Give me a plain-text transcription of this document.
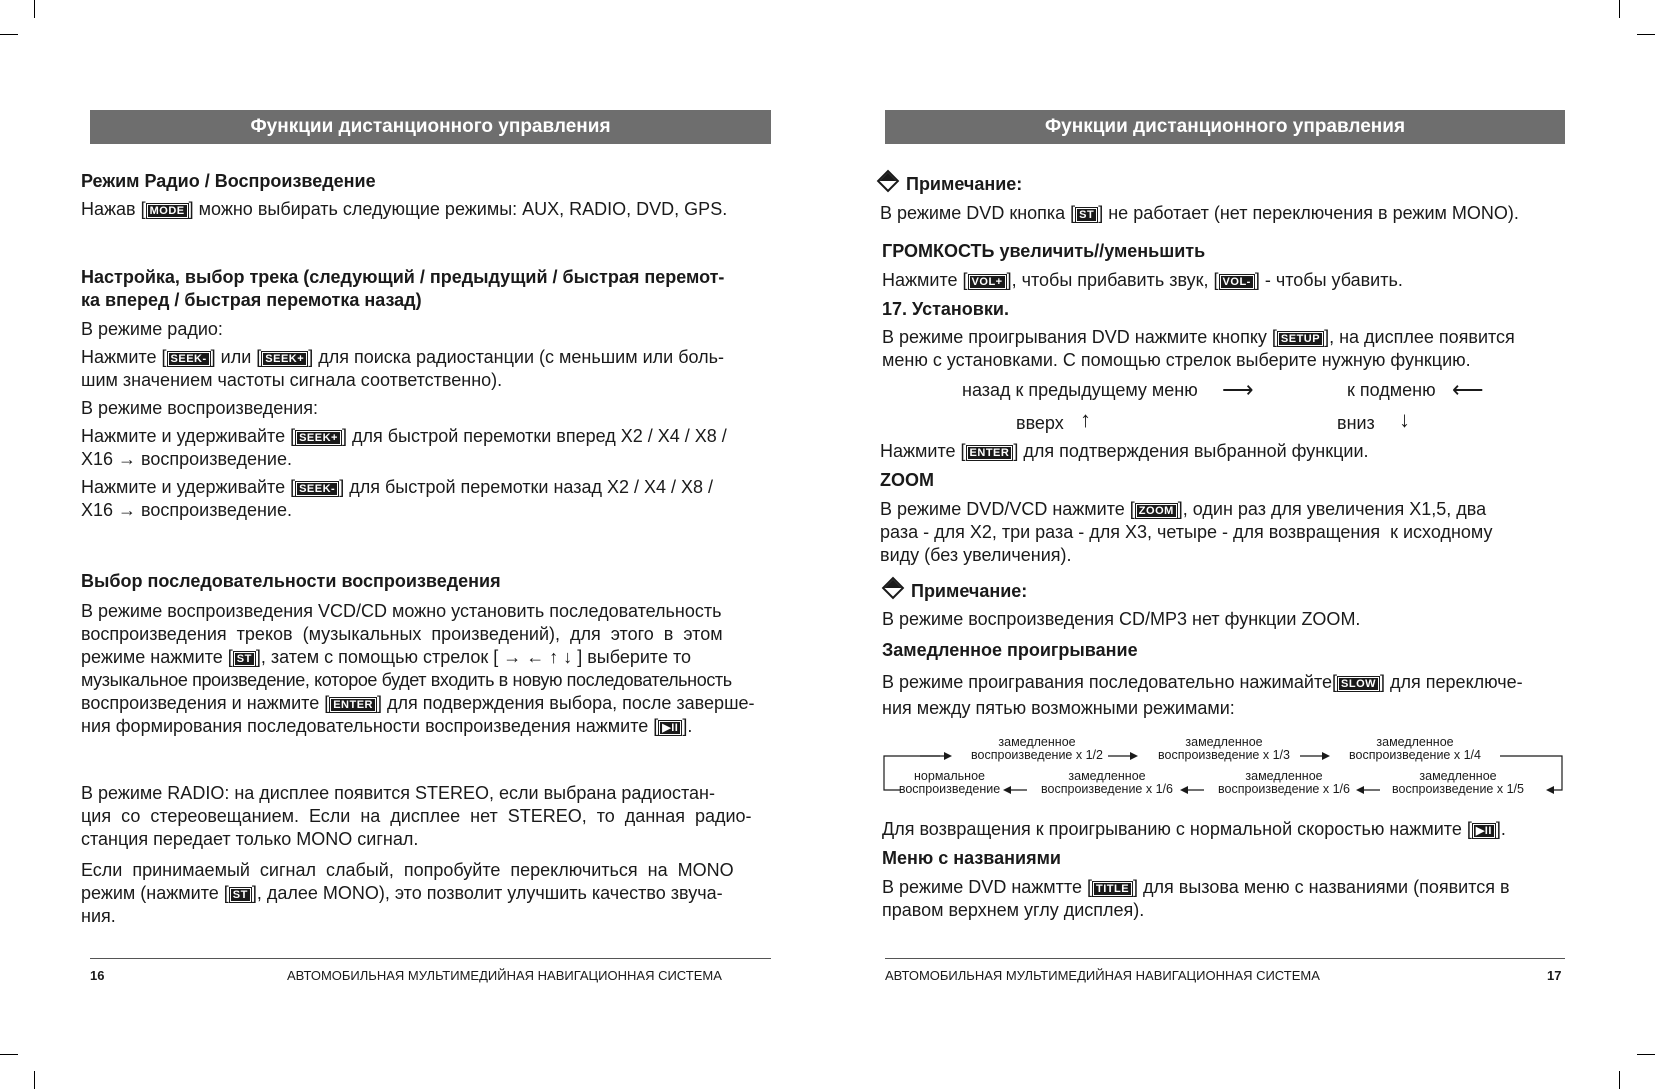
Функции дистанционного управления
Режим Радио / Воспроизведение
Нажав [ MODE ] можно выбирать следующие режимы: AUX, RADIO, DVD, GPS.
Настройка, выбор трека (следующий / предыдущий / быстрая перемот-
ка вперед / быстрая перемотка назад)
В режиме радио:
Нажмите [ SEEK- ] или [ SEEK+ ] для поиска радиостанции (с меньшим или боль-
шим значением частоты сигнала соответственно).
В режиме воспроизведения:
Нажмите и удерживайте [ SEEK+ ] для быстрой перемотки вперед X2 / X4 / X8 /
X16 → воспроизведение.
Нажмите и удерживайте [ SEEK- ] для быстрой перемотки назад X2 / X4 / X8 /
X16 → воспроизведение.
Выбор последовательности воспроизведения
В режиме воспроизведения VCD/CD можно установить последовательность
воспроизведения  треков  (музыкальных  произведений),  для  этого  в  этом
режиме нажмите [ ST ], затем с помощью стрелок [ → ← ↑ ↓ ] выберите то
музыкальное произведение, которое будет входить в новую последовательность
воспроизведения и нажмите [ ENTER ] для подверждения выбора, после заверше-
ния формирования последовательности воспроизведения нажмите [ ▶II ].
В режиме RADIO: на дисплее появится STEREO, если выбрана радиостан-
ция  со  стереовещанием.  Если  на  дисплее  нет  STEREO,  то  данная  радио-
станция передает только MONO сигнал.
Если  принимаемый  сигнал  слабый,  попробуйте  переключиться  на  MONO
режим (нажмите [ ST ], далее MONO), это позволит улучшить качество звуча-
ния.
16	АВТОМОБИЛЬНАЯ МУЛЬТИМЕДИЙНАЯ НАВИГАЦИОННАЯ СИСТЕМА
Функции дистанционного управления
Примечание:
В режиме DVD кнопка [ ST ] не работает (нет переключения в режим MONO).
ГРОМКОСТЬ увеличить//уменьшить
Нажмите [ VOL+ ], чтобы прибавить звук, [ VOL- ] - чтобы убавить.
17. Установки.
В режиме проигрывания DVD нажмите кнопку [ SETUP ], на дисплее появится
меню с установками. С помощью стрелок выберите нужную функцию.
назад к предыдущему меню ⟶	к подменю ⟵
вверх ↑	вниз ↓
Нажмите [ ENTER ] для подтверждения выбранной функции.
ZOOM
В режиме DVD/VCD нажмите [ ZOOM ], один раз для увеличения X1,5, два
раза - для X2, три раза - для X3, четыре - для возвращения  к исходному
виду (без увеличения).
Примечание:
В режиме воспроизведения CD/MP3 нет функции ZOOM.
Замедленное проигрывание
В режиме проигравания последовательно нажимайте[ SLOW ] для переключе-
ния между пятью возможными режимами:
замедленное
воспроизведение х 1/2
замедленное
воспроизведение х 1/3
замедленное
воспроизведение х 1/4
нормальное
воспроизведение
замедленное
воспроизведение х 1/6
замедленное
воспроизведение х 1/6
замедленное
воспроизведение х 1/5
Для возвращения к проигрыванию с нормальной скоростью нажмите [ ▶II ].
Меню с названиями
В режиме DVD нажмтте [ TITLE ] для вызова меню с названиями (появится в
правом верхнем углу дисплея).
АВТОМОБИЛЬНАЯ МУЛЬТИМЕДИЙНАЯ НАВИГАЦИОННАЯ СИСТЕМА	17
